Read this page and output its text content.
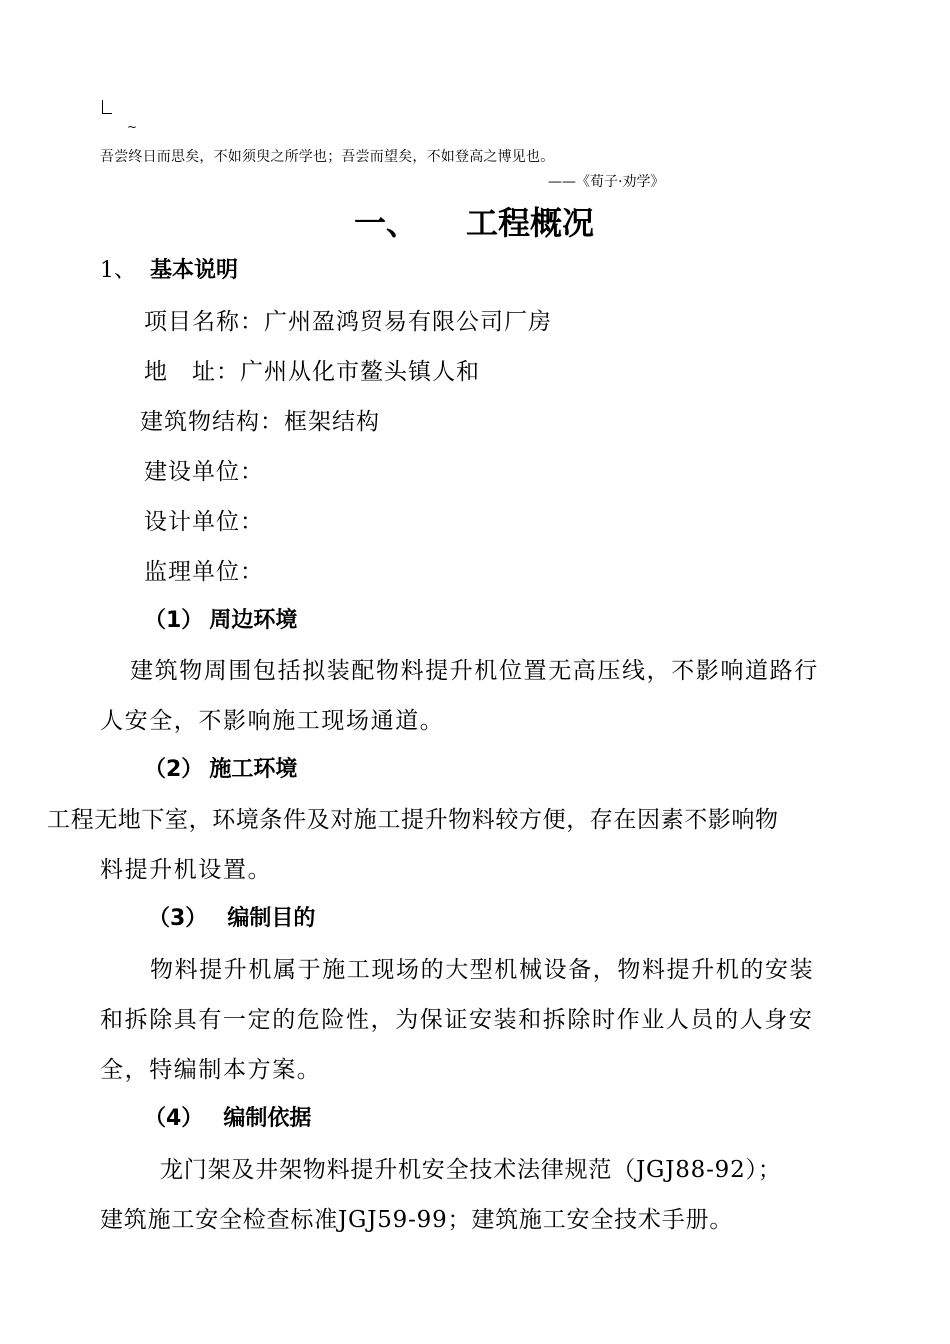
~
吾尝终日而思矣，不如须臾之所学也；吾尝而望矣，不如登高之博见也。
——《荀子·劝学》
一、 工程概况
1、 基本说明
项目名称：广州盈鸿贸易有限公司厂房
地　址：广州从化市鳌头镇人和
建筑物结构：框架结构
建设单位：
设计单位：
监理单位：
（1） 周边环境
建筑物周围包括拟装配物料提升机位置无高压线，不影响道路行
人安全，不影响施工现场通道。
（2） 施工环境
工程无地下室，环境条件及对施工提升物料较方便，存在因素不影响物
料提升机设置。
（3） 编制目的
物料提升机属于施工现场的大型机械设备，物料提升机的安装
和拆除具有一定的危险性，为保证安装和拆除时作业人员的人身安
全，特编制本方案。
（4） 编制依据
龙门架及井架物料提升机安全技术法律规范（JGJ88-92）；
建筑施工安全检查标准JGJ59-99；建筑施工安全技术手册。
